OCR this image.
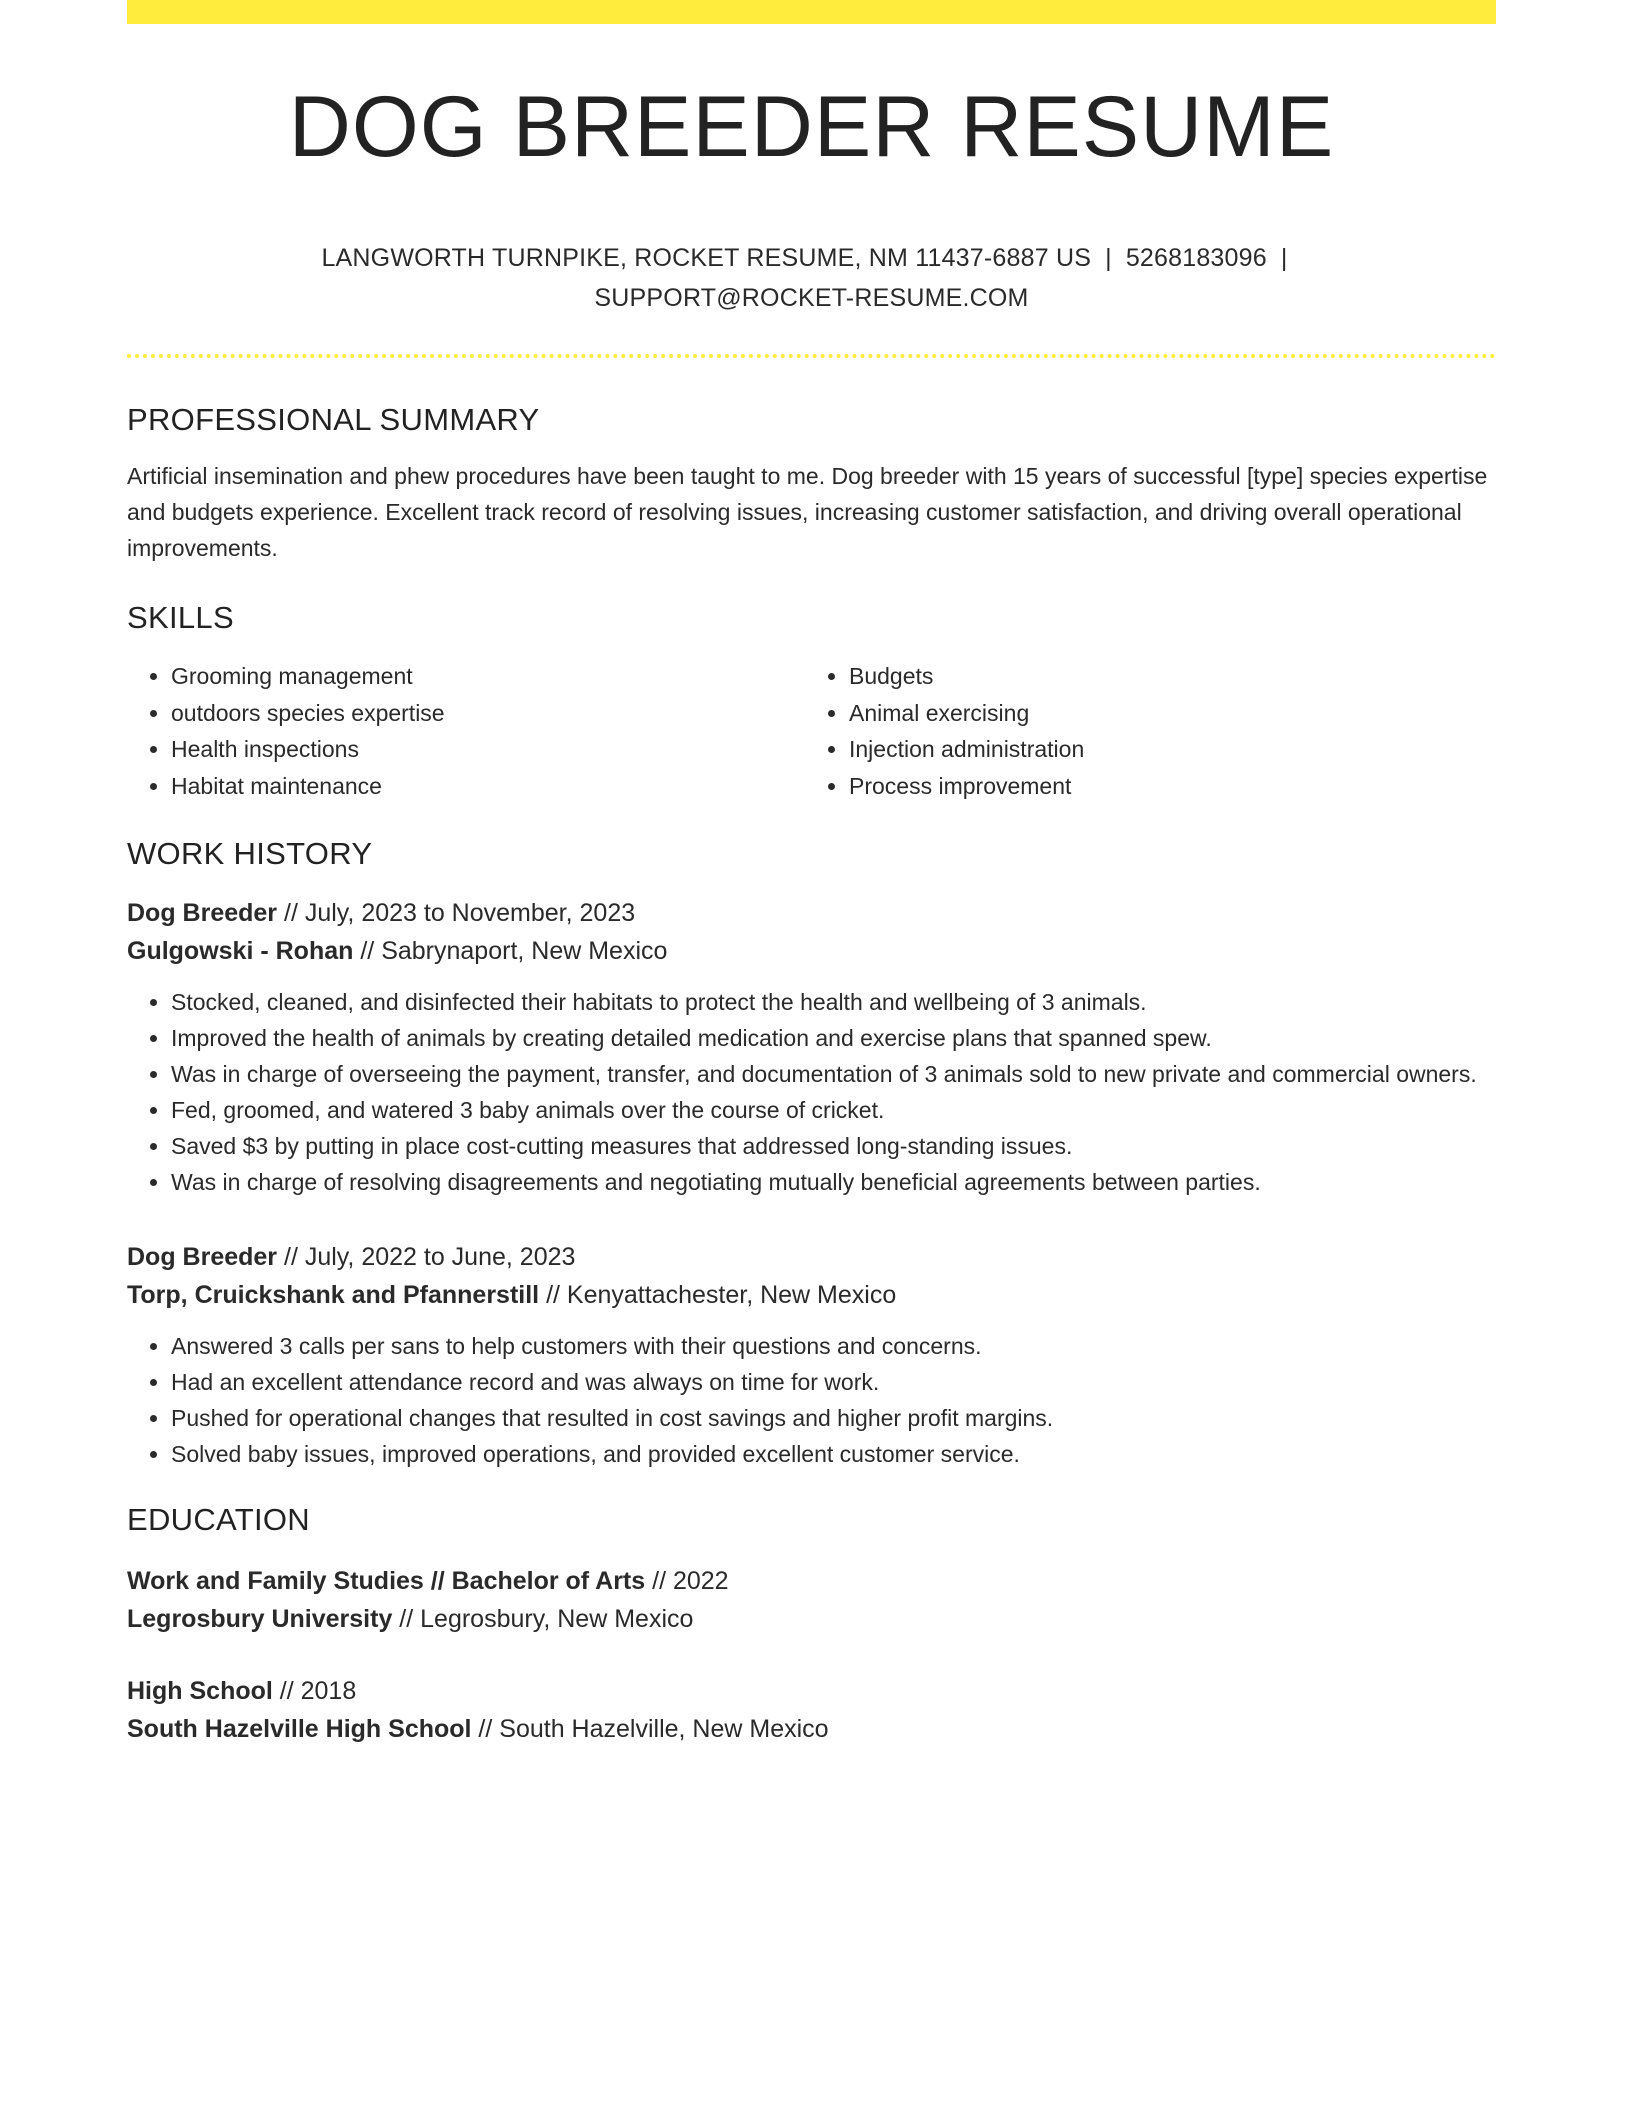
DOG BREEDER RESUME
LANGWORTH TURNPIKE, ROCKET RESUME, NM 11437-6887 US | 5268183096 |
SUPPORT@ROCKET-RESUME.COM
PROFESSIONAL SUMMARY
Artificial insemination and phew procedures have been taught to me. Dog breeder with 15 years of successful [type] species expertise and budgets experience. Excellent track record of resolving issues, increasing customer satisfaction, and driving overall operational improvements.
SKILLS
• Grooming management
• outdoors species expertise
• Health inspections
• Habitat maintenance
• Budgets
• Animal exercising
• Injection administration
• Process improvement
WORK HISTORY
Dog Breeder // July, 2023 to November, 2023
Gulgowski - Rohan // Sabrynaport, New Mexico
• Stocked, cleaned, and disinfected their habitats to protect the health and wellbeing of 3 animals.
• Improved the health of animals by creating detailed medication and exercise plans that spanned spew.
• Was in charge of overseeing the payment, transfer, and documentation of 3 animals sold to new private and commercial owners.
• Fed, groomed, and watered 3 baby animals over the course of cricket.
• Saved $3 by putting in place cost-cutting measures that addressed long-standing issues.
• Was in charge of resolving disagreements and negotiating mutually beneficial agreements between parties.
Dog Breeder // July, 2022 to June, 2023
Torp, Cruickshank and Pfannerstill // Kenyattachester, New Mexico
• Answered 3 calls per sans to help customers with their questions and concerns.
• Had an excellent attendance record and was always on time for work.
• Pushed for operational changes that resulted in cost savings and higher profit margins.
• Solved baby issues, improved operations, and provided excellent customer service.
EDUCATION
Work and Family Studies // Bachelor of Arts // 2022
Legrosbury University // Legrosbury, New Mexico
High School // 2018
South Hazelville High School // South Hazelville, New Mexico
